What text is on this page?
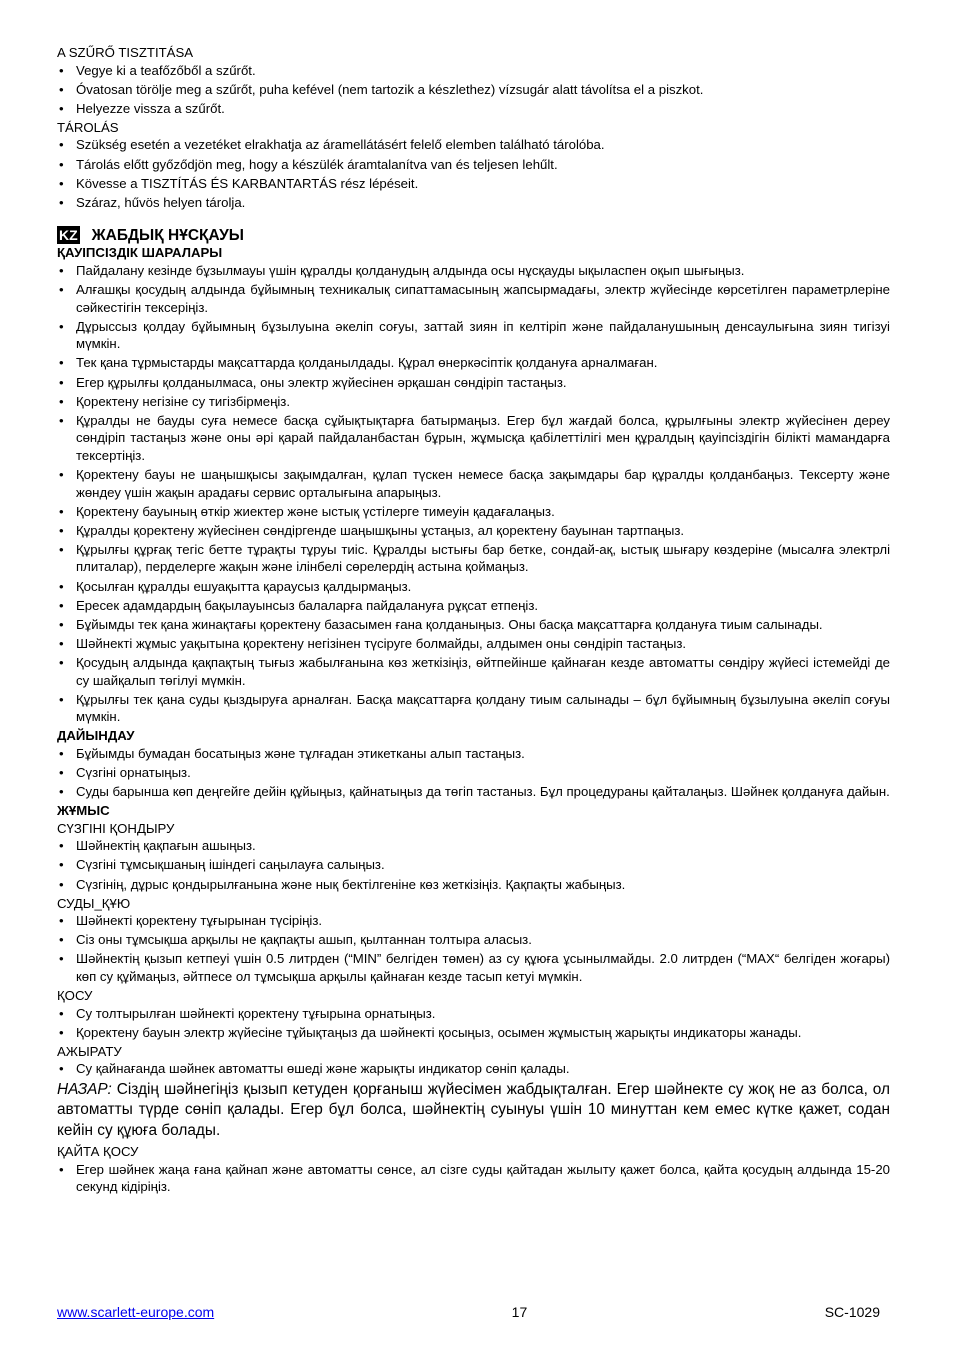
A SZŰRŐ TISZTITÁSA
• Vegye ki a teafőzőből a szűrőt.
• Óvatosan törölje meg a szűrőt, puha kefével (nem tartozik a készlethez) vízsugár alatt távolítsa el a piszkot.
• Helyezze vissza a szűrőt.
TÁROLÁS
• Szükség esetén a vezetéket elrakhatja az áramellátásért felelő elemben található tárolóba.
• Tárolás előtt győződjön meg, hogy a készülék áramtalanítva van és teljesen lehűlt.
• Kövesse a TISZTÍTÁS ÉS KARBANTARTÁS rész lépéseit.
• Száraz, hűvös helyen tárolja.
KZ ЖАБДЫҚ НҰСҚАУЫ
ҚАУІПСІЗДІК ШАРАЛАРЫ
• Пайдалану кезінде бұзылмауы үшін құралды қолданудың алдында осы нұсқауды ықыласпен оқып шығыңыз.
• Алғашқы қосудың алдында бұйымның техникалық сипаттамасының жапсырмадағы, электр жүйесінде көрсетілген параметрлеріне сәйкестігін тексеріңіз.
• Дұрыссыз қолдау бұйымның бұзылуына әкеліп соғуы, заттай зиян іп келтіріп және пайдаланушының денсаулығына зиян тигізуі мүмкін.
• Тек қана тұрмыстарды мақсаттарда қолданылдады. Құрал өнеркәсіптік қолдануға арналмаған.
• Егер құрылғы қолданылмаса, оны электр жүйесінен әрқашан сөндіріп тастаңыз.
• Қоректену негізіне су тигізбірмеңіз.
• Құралды не бауды суға немесе басқа сұйықтықтарға батырмаңыз. Егер бұл жағдай болса, құрылғыны электр жүйесінен дереу сөндіріп тастаңыз және оны әрі қарай пайдаланбастан бұрын, жұмысқа қабілеттілігі мен құралдың қауіпсіздігін білікті мамандарға тексертіңіз.
• Қоректену бауы не шаңышқысы зақымдалған, құлап түскен немесе басқа зақымдары бар құралды қолданбаңыз. Тексерту және жөндеу үшін жақын арадағы сервис орталығына апарыңыз.
• Қоректену бауының өткір жиектер және ыстық үстілерге тимеуін қадағалаңыз.
• Құралды қоректену жүйесінен сөндіргенде шаңышқыны ұстаңыз, ал қоректену бауынан тартпаңыз.
• Құрылғы құрғақ тегіс бетте тұрақты тұруы тиіс. Құралды ыстығы бар бетке, сондай-ақ, ыстық шығару көздеріне (мысалға электрлі плиталар), перделерге жақын және ілінбелі сөрелердің астына қоймаңыз.
• Қосылған құралды ешуақытта қараусыз қалдырмаңыз.
• Ересек адамдардың бақылауынсыз балаларға пайдалануға рұқсат етпеңіз.
• Бұйымды тек қана жинақтағы қоректену базасымен ғана қолданыңыз. Оны басқа мақсаттарға қолдануға тиым салынады.
• Шәйнекті жұмыс уақытына қоректену негізінен түсіруге болмайды, алдымен оны сөндіріп тастаңыз.
• Қосудың алдында қақпақтың тығыз жабылғанына көз жеткізіңіз, өйтпейінше қайнаған кезде автоматты сөндіру жүйесі істемейді де су шайқалып төгілуі мүмкін.
• Құрылғы тек қана суды қыздыруға арналған. Басқа мақсаттарға қолдану тиым салынады – бұл бұйымның бұзылуына әкеліп соғуы мүмкін.
ДАЙЫНДАУ
• Бұйымды бумадан босатыңыз және тұлғадан этикетканы алып тастаңыз.
• Сүзгіні орнатыңыз.
• Суды барынша көп деңгейге дейін құйыңыз, қайнатыңыз да төгіп тастаныз. Бұл процедураны қайталаңыз. Шәйнек қолдануға дайын.
ЖҰМЫС
СҮЗГІНІ ҚОНДЫРУ
• Шәйнектің қақпағын ашыңыз.
• Сүзгіні тұмсықшаның ішіндегі саңылауға салыңыз.
• Сүзгінің, дұрыс қондырылғанына және нық бектілгеніне көз жеткізіңіз. Қақпақты жабыңыз.
СУДЫ_ҚҰЮ
• Шәйнекті қоректену тұғырынан түсіріңіз.
• Сіз оны тұмсықша арқылы не қақпақты ашып, қылтаннан толтыра аласыз.
• Шәйнектің қызып кетпеуі үшін 0.5 литрден (“MIN” белгіден төмен) аз су құюға ұсынылмайды. 2.0 литрден (“MAX“ белгіден жоғары) көп су құймаңыз, әйтпесе ол тұмсықша арқылы қайнаған кезде тасып кетуі мүмкін.
ҚОСУ
• Су толтырылған шәйнекті қоректену тұғырына орнатыңыз.
• Қоректену бауын электр жүйесіне тұйықтаңыз да шәйнекті қосыңыз, осымен жұмыстың жарықты индикаторы жанады.
АЖЫРАТУ
• Су қайнағанда шәйнек автоматты өшеді және жарықты индикатор сөніп қалады.
НАЗАР: Сіздің шәйнегіңіз қызып кетуден қорғаныш жүйесімен жабдықталған. Егер шәйнекте су жоқ не аз болса, ол автоматты түрде сөніп қалады. Егер бұл болса, шәйнектің суынуы үшін 10 минуттан кем емес күтке қажет, содан кейін су құюға болады.
ҚАЙТА ҚОСУ
• Егер шәйнек жаңа ғана қайнап және автоматты сөнсе, ал сізге суды қайтадан жылыту қажет болса, қайта қосудың алдында 15-20 секунд кідіріңіз.
www.scarlett-europe.com	17	SC-1029
